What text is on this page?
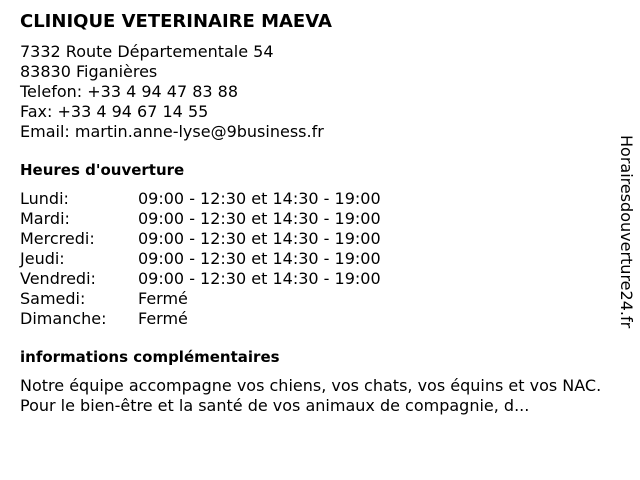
CLINIQUE VETERINAIRE MAEVA
7332 Route Départementale 54
83830 Figanières
Telefon: +33 4 94 47 83 88
Fax: +33 4 94 67 14 55
Email: martin.anne-lyse@9business.fr
Heures d'ouverture
Lundi:	09:00 - 12:30 et 14:30 - 19:00
Mardi:	09:00 - 12:30 et 14:30 - 19:00
Mercredi:	09:00 - 12:30 et 14:30 - 19:00
Jeudi:	09:00 - 12:30 et 14:30 - 19:00
Vendredi:	09:00 - 12:30 et 14:30 - 19:00
Samedi:	Fermé
Dimanche:	Fermé
informations complémentaires
Notre équipe accompagne vos chiens, vos chats, vos équins et vos NAC. Pour le bien-être et la santé de vos animaux de compagnie, d...
Horairesdouverture24.fr
